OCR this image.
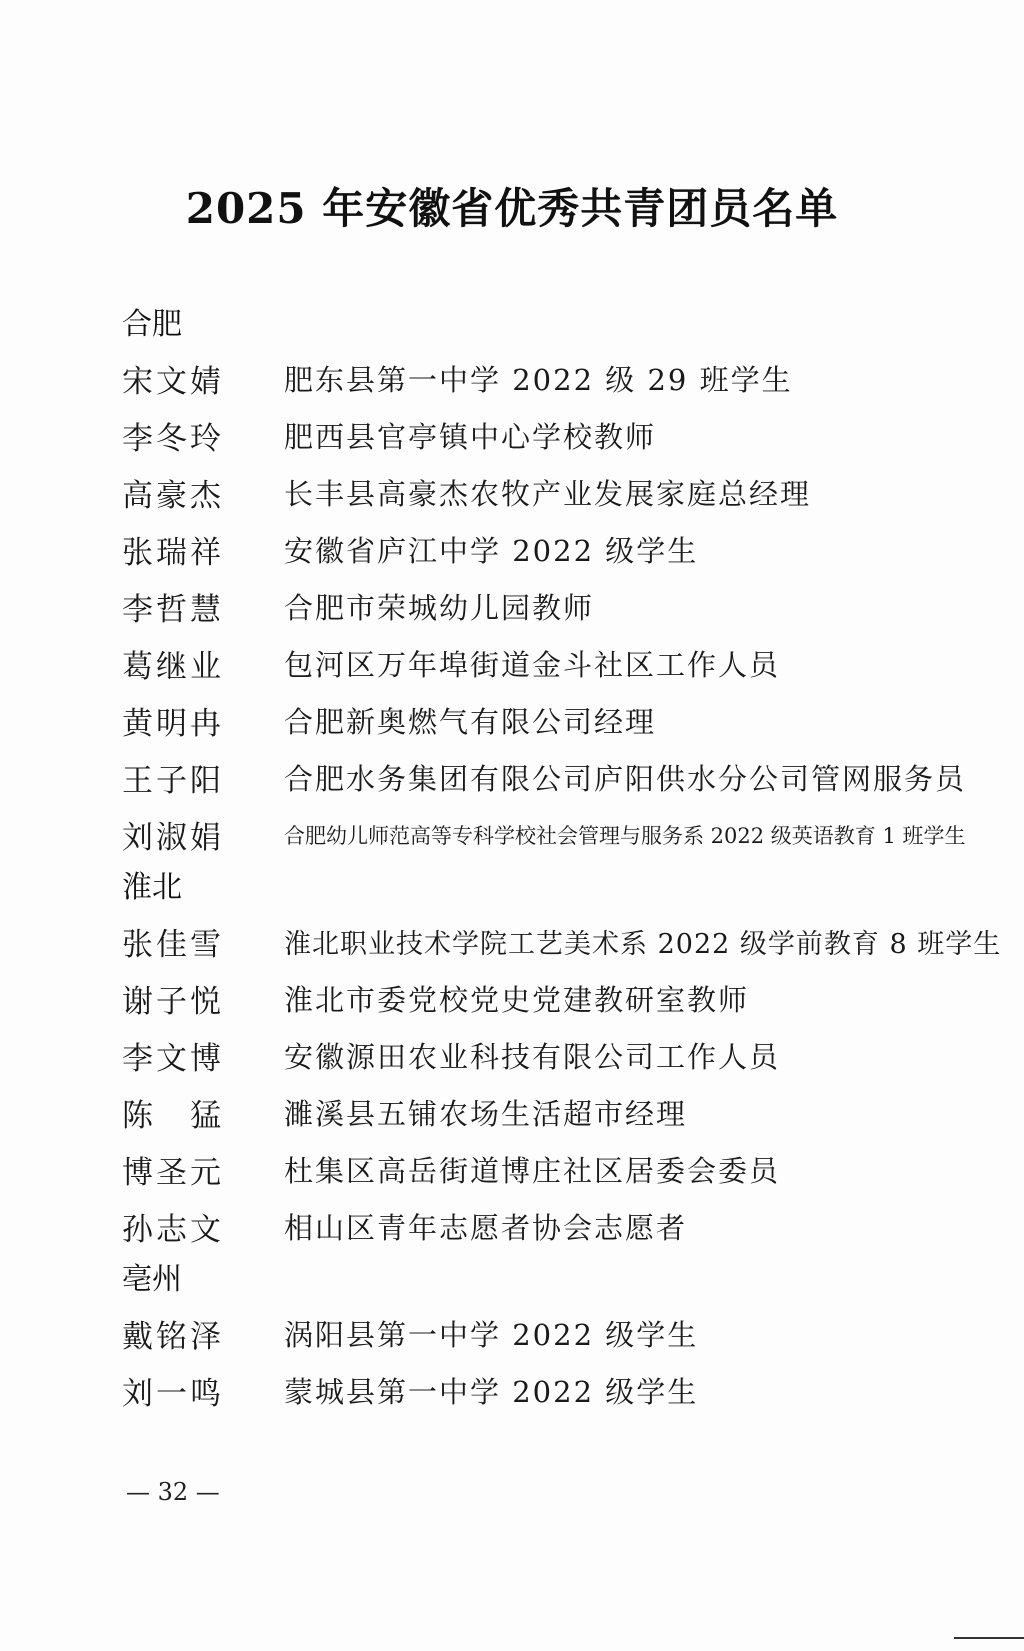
2025 年安徽省优秀共青团员名单
合肥
宋文婧	肥东县第一中学 2022 级 29 班学生
李冬玲	肥西县官亭镇中心学校教师
高豪杰	长丰县高豪杰农牧产业发展家庭总经理
张瑞祥	安徽省庐江中学 2022 级学生
李哲慧	合肥市荣城幼儿园教师
葛继业	包河区万年埠街道金斗社区工作人员
黄明冉	合肥新奥燃气有限公司经理
王子阳	合肥水务集团有限公司庐阳供水分公司管网服务员
刘淑娟	合肥幼儿师范高等专科学校社会管理与服务系 2022 级英语教育 1 班学生
淮北
张佳雪	淮北职业技术学院工艺美术系 2022 级学前教育 8 班学生
谢子悦	淮北市委党校党史党建教研室教师
李文博	安徽源田农业科技有限公司工作人员
陈　猛	濉溪县五铺农场生活超市经理
博圣元	杜集区高岳街道博庄社区居委会委员
孙志文	相山区青年志愿者协会志愿者
亳州
戴铭泽	涡阳县第一中学 2022 级学生
刘一鸣	蒙城县第一中学 2022 级学生
— 32 —
